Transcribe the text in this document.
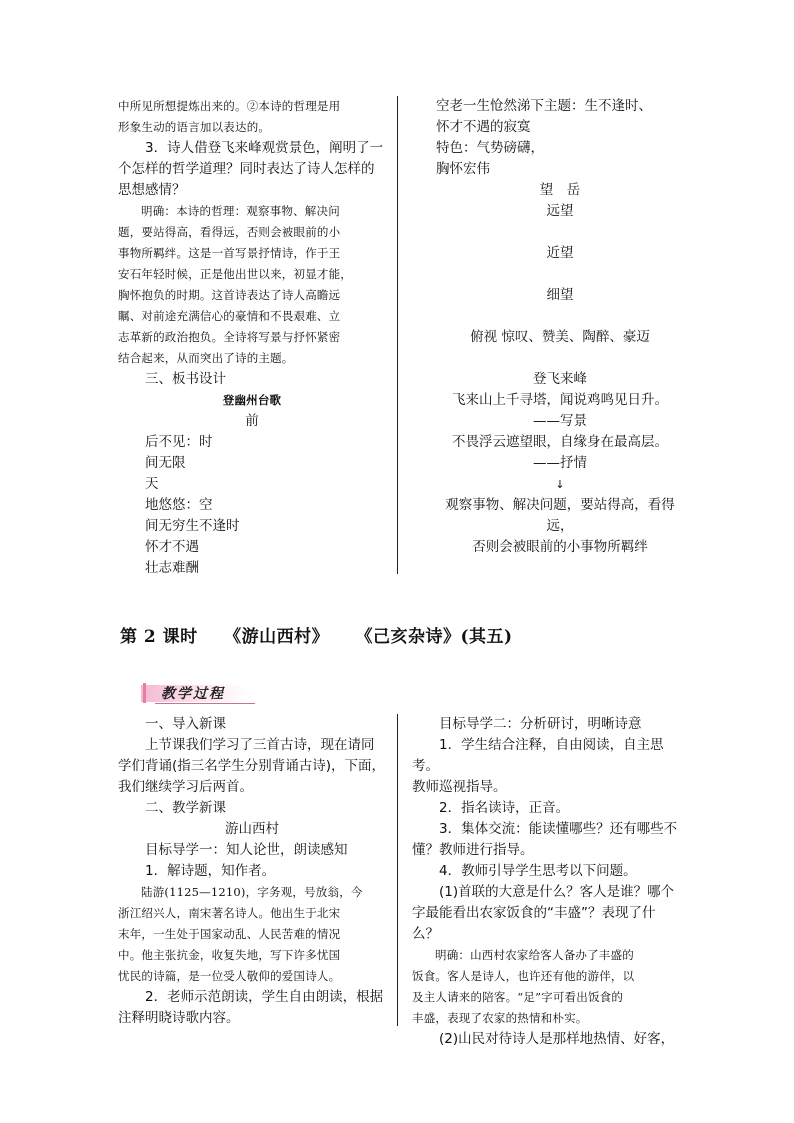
中所见所想提炼出来的。②本诗的哲理是用
形象生动的语言加以表达的。
3．诗人借登飞来峰观赏景色，阐明了一
个怎样的哲学道理？同时表达了诗人怎样的
思想感情？
明确：本诗的哲理：观察事物、解决问
题，要站得高，看得远，否则会被眼前的小
事物所羁绊。这是一首写景抒情诗，作于王
安石年轻时候，正是他出世以来，初显才能，
胸怀抱负的时期。这首诗表达了诗人高瞻远
瞩、对前途充满信心的豪情和不畏艰难、立
志革新的政治抱负。全诗将写景与抒怀紧密
结合起来，从而突出了诗的主题。
三、板书设计
登幽州台歌
前
后不见：时
间无限
天
地悠悠：空
间无穷生不逢时
怀才不遇
壮志难酬
空老一生怆然涕下主题：生不逢时、
怀才不遇的寂寞
特色：气势磅礴，
胸怀宏伟
望　岳
远望
近望
细望
俯视 惊叹、赞美、陶醉、豪迈
登飞来峰
飞来山上千寻塔，闻说鸡鸣见日升。
——写景
不畏浮云遮望眼，自缘身在最高层。
——抒情
↓
观察事物、解决问题，要站得高，看得
远，
否则会被眼前的小事物所羁绊
第 2 课时 《游山西村》 《己亥杂诗》(其五)
教学过程
一、导入新课
上节课我们学习了三首古诗，现在请同
学们背诵(指三名学生分别背诵古诗)，下面，
我们继续学习后两首。
二、教学新课
游山西村
目标导学一：知人论世，朗读感知
1．解诗题，知作者。
陆游(1125—1210)，字务观，号放翁，今
浙江绍兴人，南宋著名诗人。他出生于北宋
末年，一生处于国家动乱、人民苦难的情况
中。他主张抗金，收复失地，写下许多忧国
忧民的诗篇，是一位受人敬仰的爱国诗人。
2．老师示范朗读，学生自由朗读，根据
注释明晓诗歌内容。
目标导学二：分析研讨，明晰诗意
1．学生结合注释，自由阅读，自主思考。
教师巡视指导。
2．指名读诗，正音。
3．集体交流：能读懂哪些？还有哪些不
懂？教师进行指导。
4．教师引导学生思考以下问题。
(1)首联的大意是什么？客人是谁？哪个
字最能看出农家饭食的“丰盛”？表现了什
么？
明确：山西村农家给客人备办了丰盛的
饭食。客人是诗人，也许还有他的游伴，以
及主人请来的陪客。“足”字可看出饭食的
丰盛，表现了农家的热情和朴实。
(2)山民对待诗人是那样地热情、好客，
